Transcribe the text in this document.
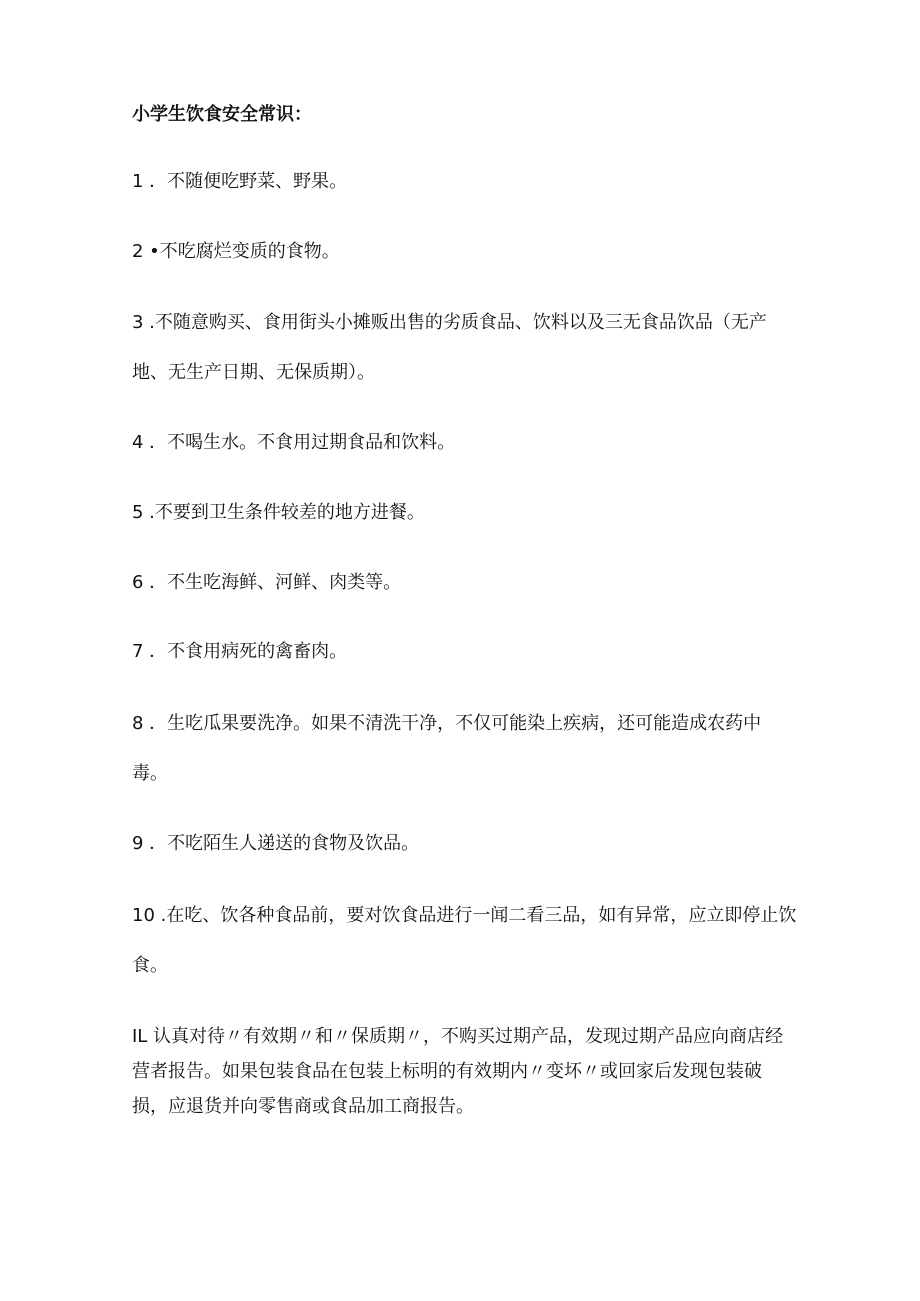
小学生饮食安全常识：

1 ．不随便吃野菜、野果。

2 •不吃腐烂变质的食物。

3 .不随意购买、食用街头小摊贩出售的劣质食品、饮料以及三无食品饮品（无产地、无生产日期、无保质期）。

4 ．不喝生水。不食用过期食品和饮料。

5 .不要到卫生条件较差的地方进餐。

6 ．不生吃海鲜、河鲜、肉类等。

7 ．不食用病死的禽畜肉。

8 ．生吃瓜果要洗净。如果不清洗干净，不仅可能染上疾病，还可能造成农药中毒。

9 ．不吃陌生人递送的食物及饮品。

10 .在吃、饮各种食品前，要对饮食品进行一闻二看三品，如有异常，应立即停止饮食。

IL 认真对待〃有效期〃和〃保质期〃，不购买过期产品，发现过期产品应向商店经营者报告。如果包装食品在包装上标明的有效期内〃变坏〃或回家后发现包装破损，应退货并向零售商或食品加工商报告。
